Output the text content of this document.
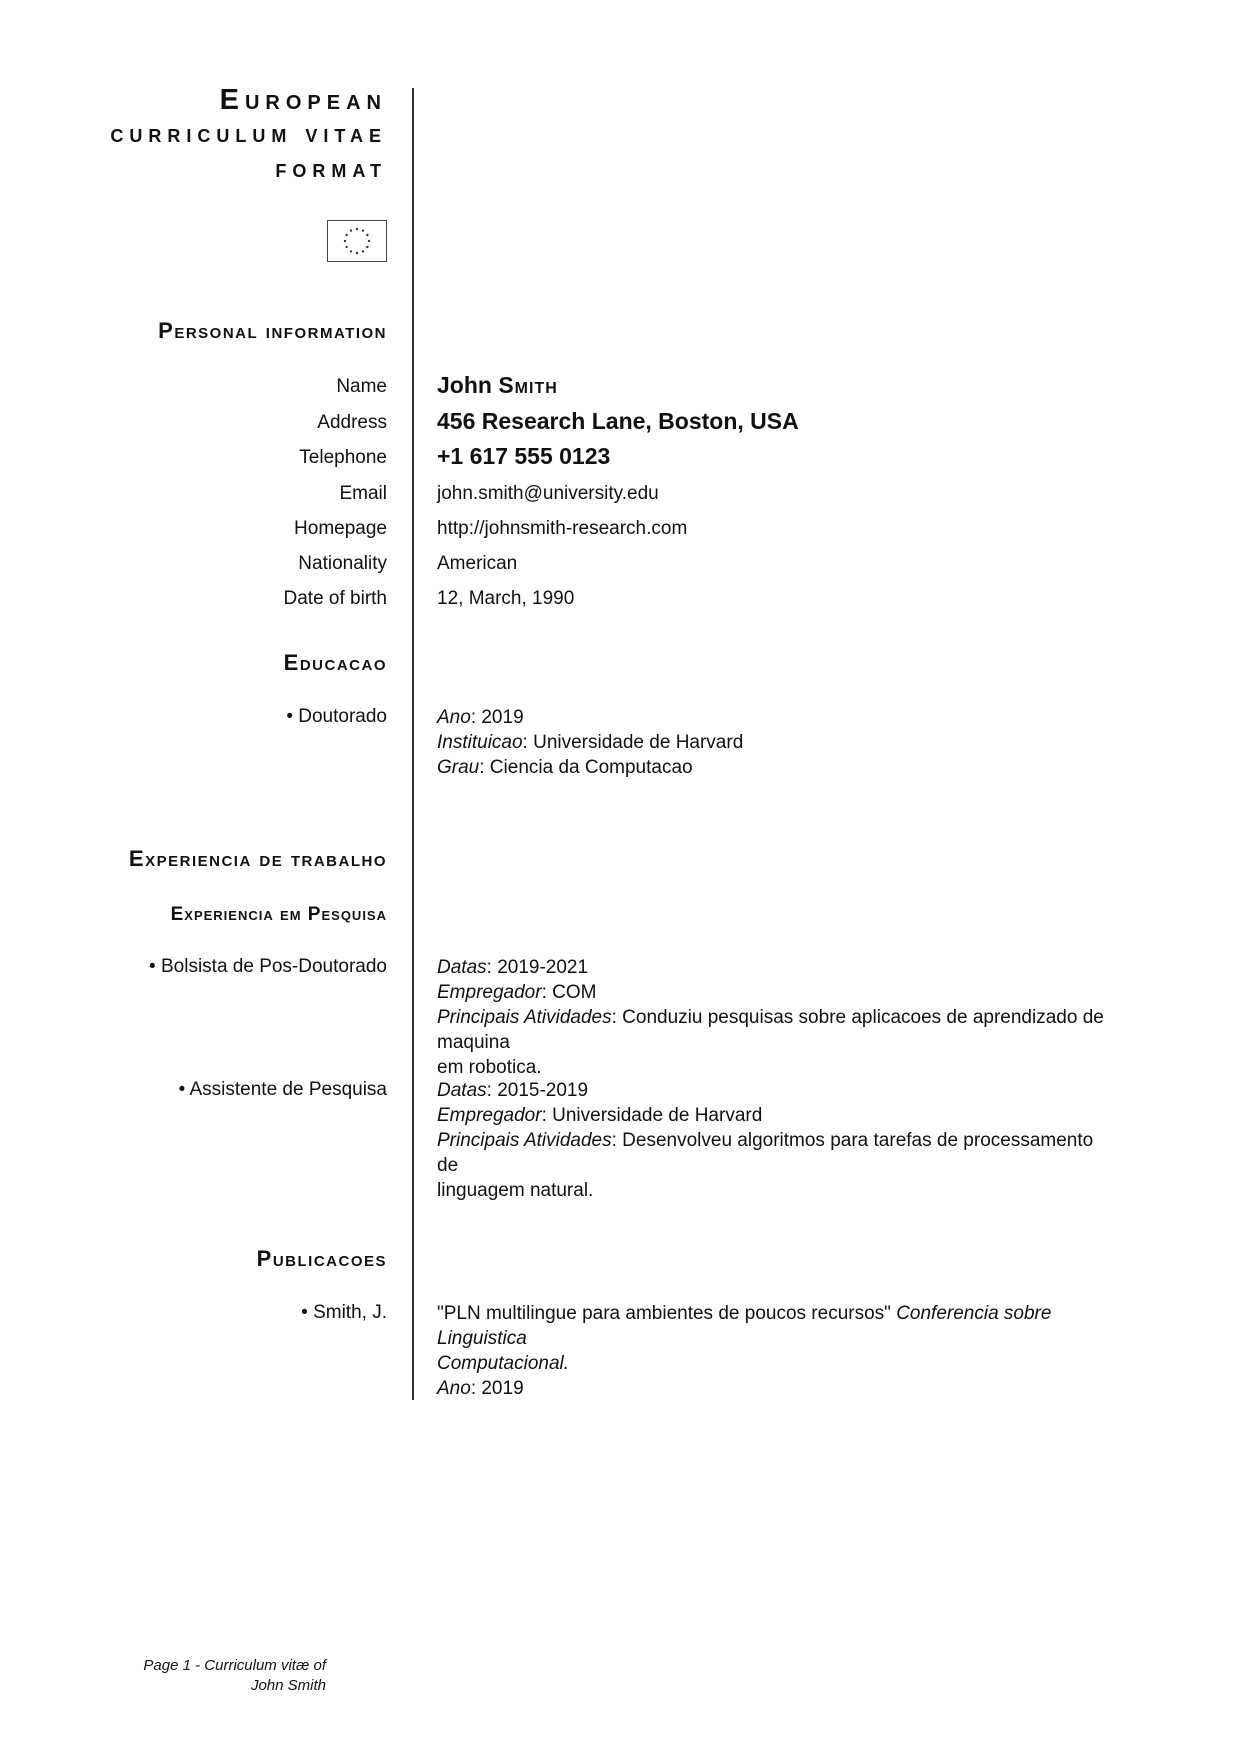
European
curriculum vitae
format
Personal information
Name John Smith
Address 456 Research Lane, Boston, USA
Telephone +1 617 555 0123
Email	john.smith@university.edu
Homepage	http://johnsmith-research.com
Nationality	American
Date of birth	12, March, 1990
Educacao
• Doutorado	Ano: 2019
Instituicao: Universidade de Harvard
Grau: Ciencia da Computacao
Experiencia de trabalho
Experiencia em Pesquisa
• Bolsista de Pos-Doutorado	Datas: 2019-2021
Empregador: COM
Principais Atividades: Conduziu pesquisas sobre aplicacoes de aprendizado de maquina
em robotica.
• Assistente de Pesquisa	Datas: 2015-2019
Empregador: Universidade de Harvard
Principais Atividades: Desenvolveu algoritmos para tarefas de processamento de
linguagem natural.
Publicacoes
• Smith, J.	"PLN multilingue para ambientes de poucos recursos" Conferencia sobre Linguistica
Computacional.
Ano: 2019
Page 1 - Curriculum vitæ of
John Smith
